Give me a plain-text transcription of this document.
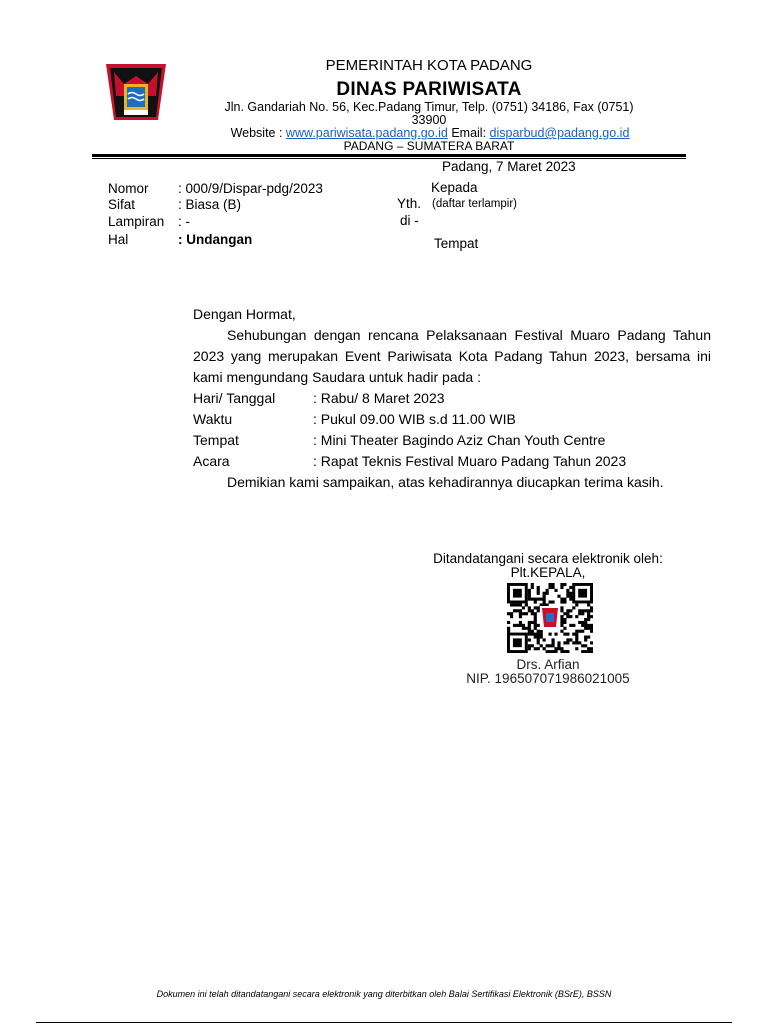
PEMERINTAH KOTA PADANG
DINAS PARIWISATA
Jln. Gandariah No. 56, Kec.Padang Timur, Telp. (0751) 34186, Fax (0751)
33900
Website : www.pariwisata.padang.go.id Email: disparbud@padang.go.id
PADANG – SUMATERA BARAT
Padang, 7 Maret 2023
Nomor : 000/9/Dispar-pdg/2023
Sifat	: Biasa (B)
Lampiran : -
Hal	: Undangan
Kepada
Yth. (daftar terlampir)
di -
Tempat
Dengan Hormat,
Sehubungan dengan rencana Pelaksanaan Festival Muaro Padang Tahun 2023 yang merupakan Event Pariwisata Kota Padang Tahun 2023, bersama ini kami mengundang Saudara untuk hadir pada :
Hari/ Tanggal	: Rabu/ 8 Maret 2023
Waktu	: Pukul 09.00 WIB s.d 11.00 WIB
Tempat	: Mini Theater Bagindo Aziz Chan Youth Centre
Acara	: Rapat Teknis Festival Muaro Padang Tahun 2023
Demikian kami sampaikan, atas kehadirannya diucapkan terima kasih.
Ditandatangani secara elektronik oleh:
Plt.KEPALA,
Drs. Arfian
NIP. 196507071986021005
Dokumen ini telah ditandatangani secara elektronik yang diterbitkan oleh Balai Sertifikasi Elektronik (BSrE), BSSN
